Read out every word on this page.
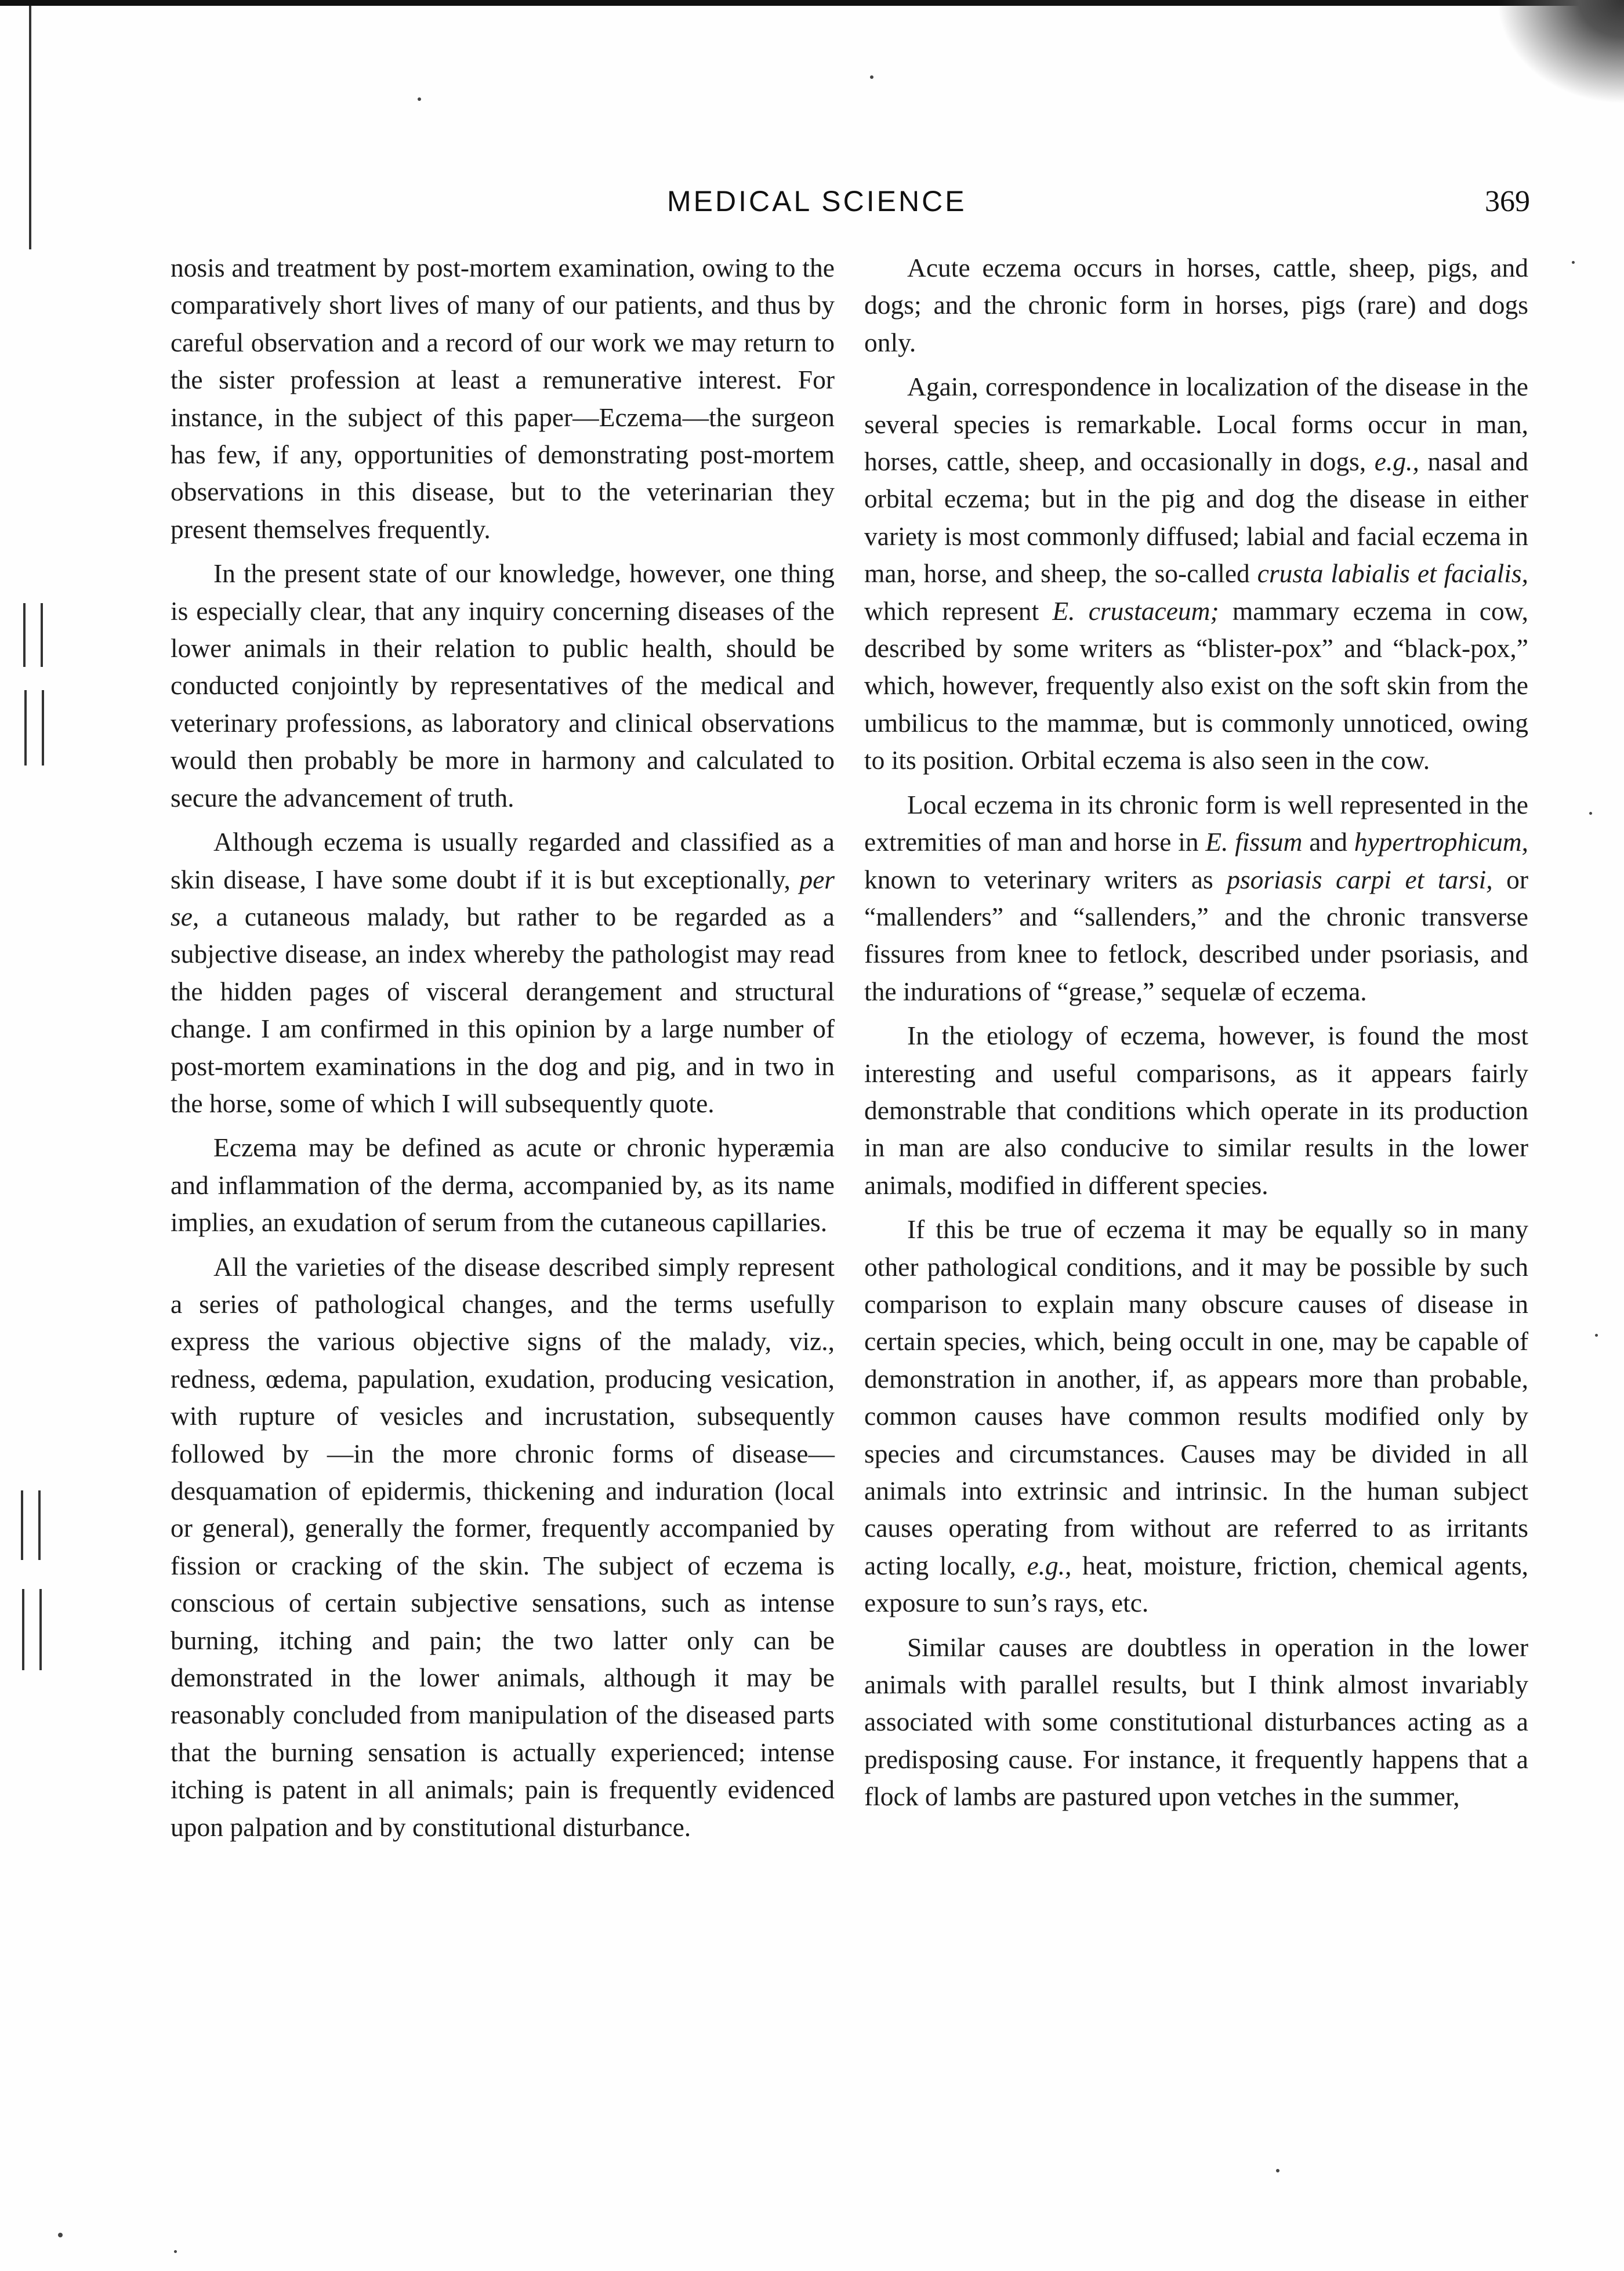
MEDICAL SCIENCE	369

nosis and treatment by post-mortem examination, owing to the comparatively short lives of many of our patients, and thus by careful observation and a record of our work we may return to the sister profession at least a remunerative interest. For instance, in the subject of this paper—Eczema—the surgeon has few, if any, opportunities of demonstrating post-mortem observations in this disease, but to the veterinarian they present themselves frequently.

In the present state of our knowledge, however, one thing is especially clear, that any inquiry concerning diseases of the lower animals in their relation to public health, should be conducted conjointly by representatives of the medical and veterinary professions, as laboratory and clinical observations would then probably be more in harmony and calculated to secure the advancement of truth.

Although eczema is usually regarded and classified as a skin disease, I have some doubt if it is but exceptionally, per se, a cutaneous malady, but rather to be regarded as a subjective disease, an index whereby the pathologist may read the hidden pages of visceral derangement and structural change. I am confirmed in this opinion by a large number of post-mortem examinations in the dog and pig, and in two in the horse, some of which I will subsequently quote.

Eczema may be defined as acute or chronic hyperæmia and inflammation of the derma, accompanied by, as its name implies, an exudation of serum from the cutaneous capillaries.

All the varieties of the disease described simply represent a series of pathological changes, and the terms usefully express the various objective signs of the malady, viz., redness, œdema, papulation, exudation, producing vesication, with rupture of vesicles and incrustation, subsequently followed by —in the more chronic forms of disease—desquamation of epidermis, thickening and induration (local or general), generally the former, frequently accompanied by fission or cracking of the skin. The subject of eczema is conscious of certain subjective sensations, such as intense burning, itching and pain; the two latter only can be demonstrated in the lower animals, although it may be reasonably concluded from manipulation of the diseased parts that the burning sensation is actually experienced; intense itching is patent in all animals; pain is frequently evidenced upon palpation and by constitutional disturbance.

Acute eczema occurs in horses, cattle, sheep, pigs, and dogs; and the chronic form in horses, pigs (rare) and dogs only.

Again, correspondence in localization of the disease in the several species is remarkable. Local forms occur in man, horses, cattle, sheep, and occasionally in dogs, e.g., nasal and orbital eczema; but in the pig and dog the disease in either variety is most commonly diffused; labial and facial eczema in man, horse, and sheep, the so-called crusta labialis et facialis, which represent E. crustaceum; mammary eczema in cow, described by some writers as “blister-pox” and “black-pox,” which, however, frequently also exist on the soft skin from the umbilicus to the mammæ, but is commonly unnoticed, owing to its position. Orbital eczema is also seen in the cow.

Local eczema in its chronic form is well represented in the extremities of man and horse in E. fissum and hypertrophicum, known to veterinary writers as psoriasis carpi et tarsi, or “mallenders” and “sallenders,” and the chronic transverse fissures from knee to fetlock, described under psoriasis, and the indurations of “grease,” sequelæ of eczema.

In the etiology of eczema, however, is found the most interesting and useful comparisons, as it appears fairly demonstrable that conditions which operate in its production in man are also conducive to similar results in the lower animals, modified in different species.

If this be true of eczema it may be equally so in many other pathological conditions, and it may be possible by such comparison to explain many obscure causes of disease in certain species, which, being occult in one, may be capable of demonstration in another, if, as appears more than probable, common causes have common results modified only by species and circumstances. Causes may be divided in all animals into extrinsic and intrinsic. In the human subject causes operating from without are referred to as irritants acting locally, e.g., heat, moisture, friction, chemical agents, exposure to sun’s rays, etc.

Similar causes are doubtless in operation in the lower animals with parallel results, but I think almost invariably associated with some constitutional disturbances acting as a predisposing cause. For instance, it frequently happens that a flock of lambs are pastured upon vetches in the summer,
